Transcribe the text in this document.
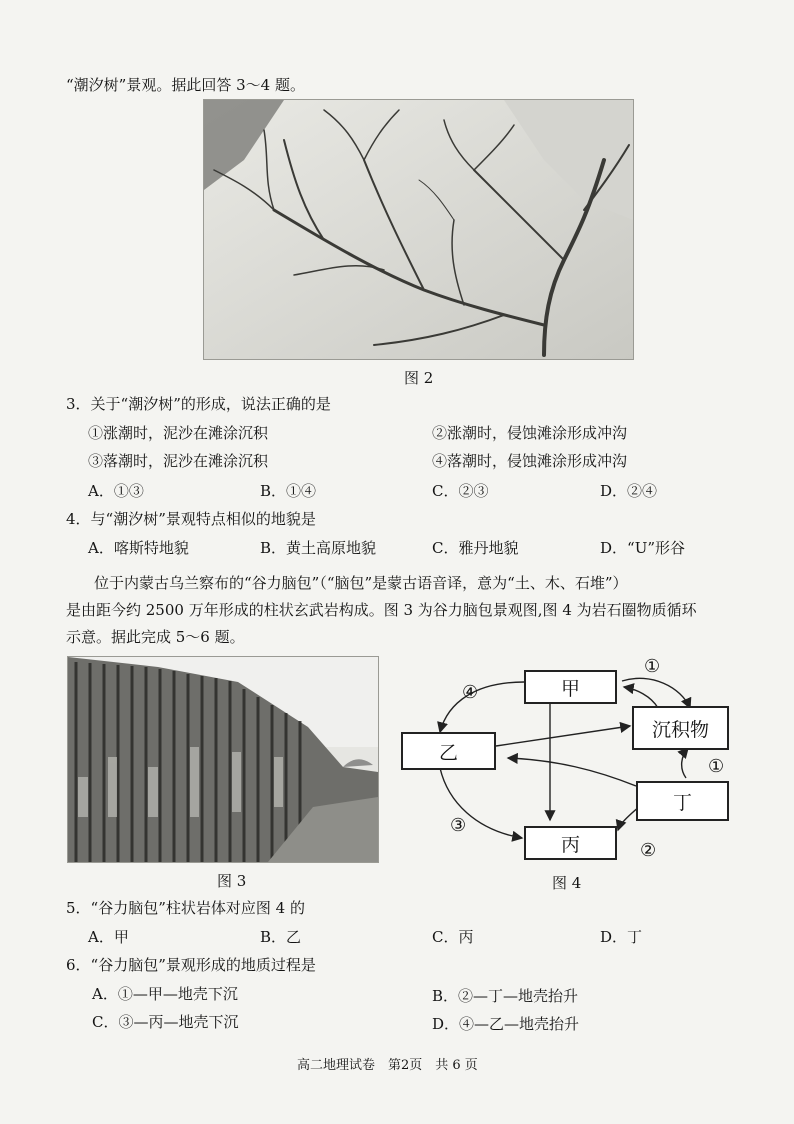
“潮汐树”景观。据此回答 3～4 题。
图 2
3．关于“潮汐树”的形成，说法正确的是
①涨潮时，泥沙在滩涂沉积	②涨潮时，侵蚀滩涂形成冲沟
③落潮时，泥沙在滩涂沉积	④落潮时，侵蚀滩涂形成冲沟
A．①③	B．①④	C．②③	D．②④
4．与“潮汐树”景观特点相似的地貌是
A．喀斯特地貌	B．黄土高原地貌	C．雅丹地貌	D．“U”形谷
位于内蒙古乌兰察布的“谷力脑包”（“脑包”是蒙古语音译，意为“土、木、石堆”）
是由距今约 2500 万年形成的柱状玄武岩构成。图 3 为谷力脑包景观图,图 4 为岩石圈物质循环
示意。据此完成 5～6 题。
图 3
甲
沉积物
乙
丁
丙
①
④
①
③
②
图 4
5．“谷力脑包”柱状岩体对应图 4 的
A．甲	B．乙	C．丙	D．丁
6．“谷力脑包”景观形成的地质过程是
A．①—甲—地壳下沉	B．②—丁—地壳抬升
C．③—丙—地壳下沉	D．④—乙—地壳抬升
高二地理试卷　第2页　共 6 页
